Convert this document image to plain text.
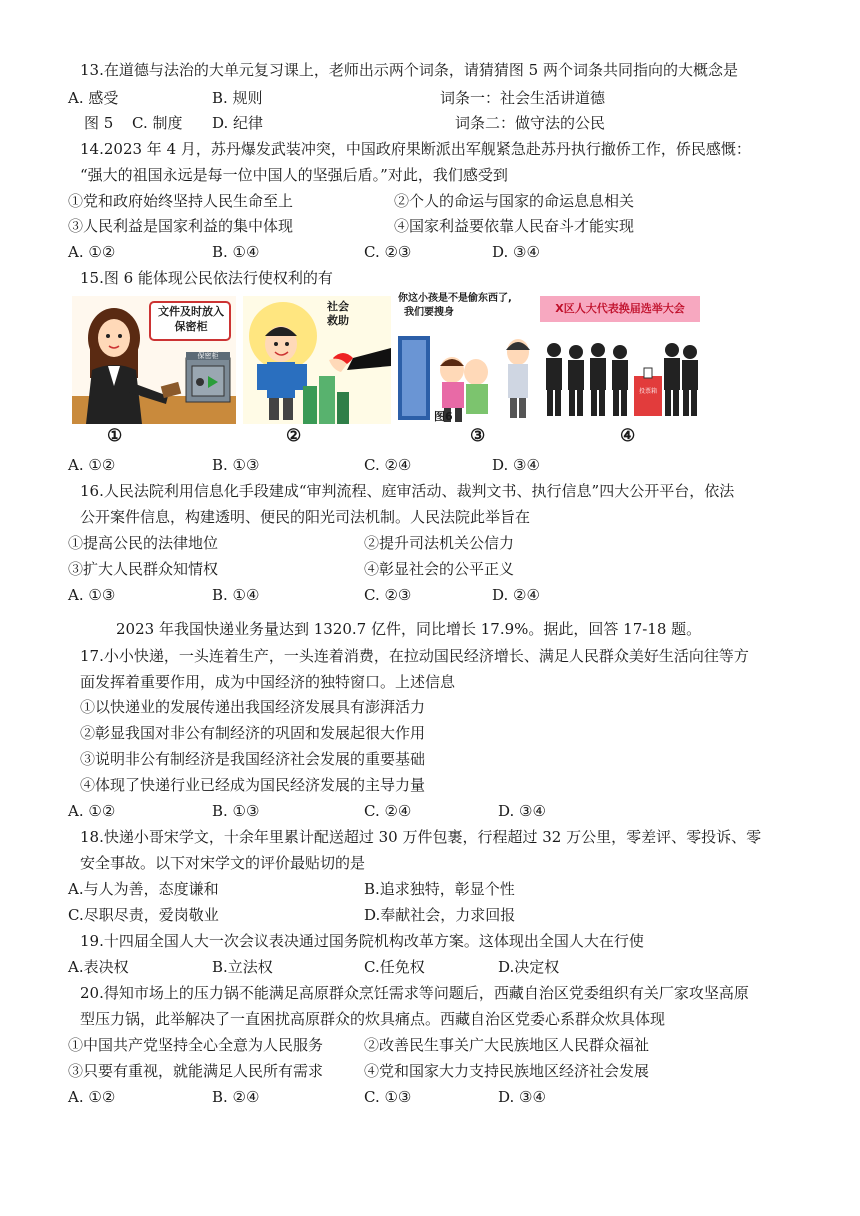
13.在道德与法治的大单元复习课上，老师出示两个词条，请猜猜图 5 两个词条共同指向的大概念是
A. 感受	B. 规则	词条一：社会生活讲道德
图 5 C. 制度 D. 纪律	词条二：做守法的公民
14.2023 年 4 月，苏丹爆发武装冲突，中国政府果断派出军舰紧急赴苏丹执行撤侨工作，侨民感慨：
“强大的祖国永远是每一位中国人的坚强后盾。”对此，我们感受到
①党和政府始终坚持人民生命至上	②个人的命运与国家的命运息息相关
③人民利益是国家利益的集中体现	④国家利益要依靠人民奋斗才能实现
A. ①②	B. ①④	C. ②③	D. ③④
15.图 6 能体现公民依法行使权利的有
文件及时放入
保密柜
保密柜
①
社会
救助
②
你这小孩是不是偷东西了,
我们要搜身
图6
③
X区人大代表换届选举大会
投票箱
④
A. ①②	B. ①③	C. ②④	D. ③④
16.人民法院利用信息化手段建成“审判流程、庭审活动、裁判文书、执行信息”四大公开平台，依法
公开案件信息，构建透明、便民的阳光司法机制。人民法院此举旨在
①提高公民的法律地位	②提升司法机关公信力
③扩大人民群众知情权	④彰显社会的公平正义
A. ①③	B. ①④	C. ②③	D. ②④
2023 年我国快递业务量达到 1320.7 亿件，同比增长 17.9%。据此，回答 17-18 题。
17.小小快递，一头连着生产，一头连着消费，在拉动国民经济增长、满足人民群众美好生活向往等方
面发挥着重要作用，成为中国经济的独特窗口。上述信息
①以快递业的发展传递出我国经济发展具有澎湃活力
②彰显我国对非公有制经济的巩固和发展起很大作用
③说明非公有制经济是我国经济社会发展的重要基础
④体现了快递行业已经成为国民经济发展的主导力量
A. ①②	B. ①③	C. ②④	D. ③④
18.快递小哥宋学文，十余年里累计配送超过 30 万件包裹，行程超过 32 万公里，零差评、零投诉、零
安全事故。以下对宋学文的评价最贴切的是
A.与人为善，态度谦和	B.追求独特，彰显个性
C.尽职尽责，爱岗敬业	D.奉献社会，力求回报
19.十四届全国人大一次会议表决通过国务院机构改革方案。这体现出全国人大在行使
A.表决权	B.立法权	C.任免权	D.决定权
20.得知市场上的压力锅不能满足高原群众烹饪需求等问题后，西藏自治区党委组织有关厂家攻坚高原
型压力锅，此举解决了一直困扰高原群众的炊具痛点。西藏自治区党委心系群众炊具体现
①中国共产党坚持全心全意为人民服务	②改善民生事关广大民族地区人民群众福祉
③只要有重视，就能满足人民所有需求	④党和国家大力支持民族地区经济社会发展
A. ①②	B. ②④	C. ①③	D. ③④
